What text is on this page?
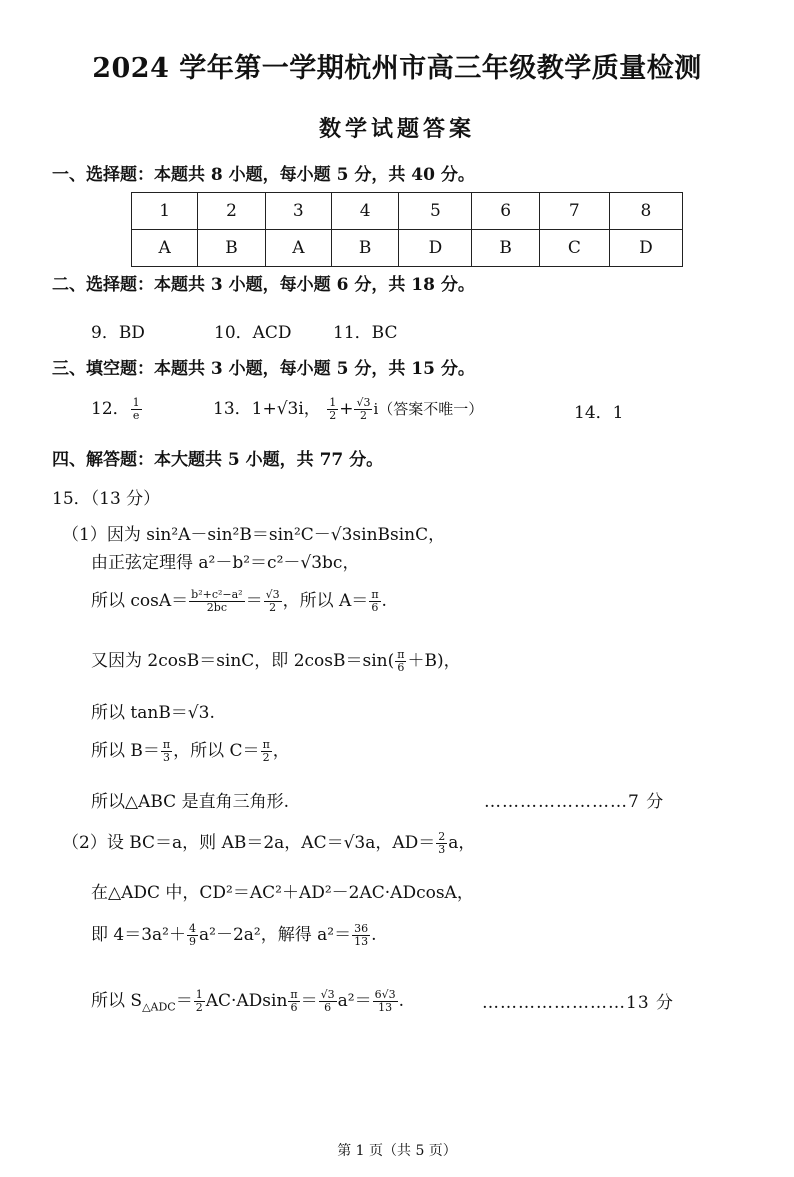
2024 学年第一学期杭州市高三年级教学质量检测
数学试题答案
一、选择题：本题共 8 小题，每小题 5 分，共 40 分。
1	2	3	4	5	6	7	8
A	B	A	B	D	B	C	D
二、选择题：本题共 3 小题，每小题 6 分，共 18 分。
9．BD	10．ACD 11．BC
三、填空题：本题共 3 小题，每小题 5 分，共 15 分。
12． $\frac{1}{e}$	13．1+√3i， $\frac{1}{2} + \frac{√3}{2} i$（答案不唯一）	14．1
四、解答题：本大题共 5 小题，共 77 分。
15．（13 分）
（1）因为 sin²A－sin²B＝sin²C－√3sinBsinC，
由正弦定理得 a²－b²＝c²－√3bc，
所以 $\cos A= \frac{\text{b²+c²−a²}}{2bc} = \frac{√3}{2}$ ，所以 $A= \frac{\pi}{6}$ .
又因为 2cosB＝sinC，即 $2\cos B=\sin( \frac{\pi}{6} +B)$，
所以 tanB＝√3.
所以 $B= \frac{\pi}{3}$ ，所以 $C= \frac{\pi}{2}$ ，
所以△ABC 是直角三角形.	……………………7 分
（2）设 BC＝a，则 AB＝2a，AC＝√3a，$AD= \frac{2}{3}$ a，
在△ADC 中，CD²＝AC²＋AD²－2AC·ADcosA，
即 $4=3a^2+ \frac{4}{9} a^2-2a^2$，解得 $a^2= \frac{36}{13}$ .
所以 $S_{\triangle ADC}= \frac{1}{2} AC\cdot ADsin \frac{\pi}{6} = \frac{√3}{6} a^2= \frac{6√3}{13}$ .	……………………13 分
第 1 页（共 5 页）
